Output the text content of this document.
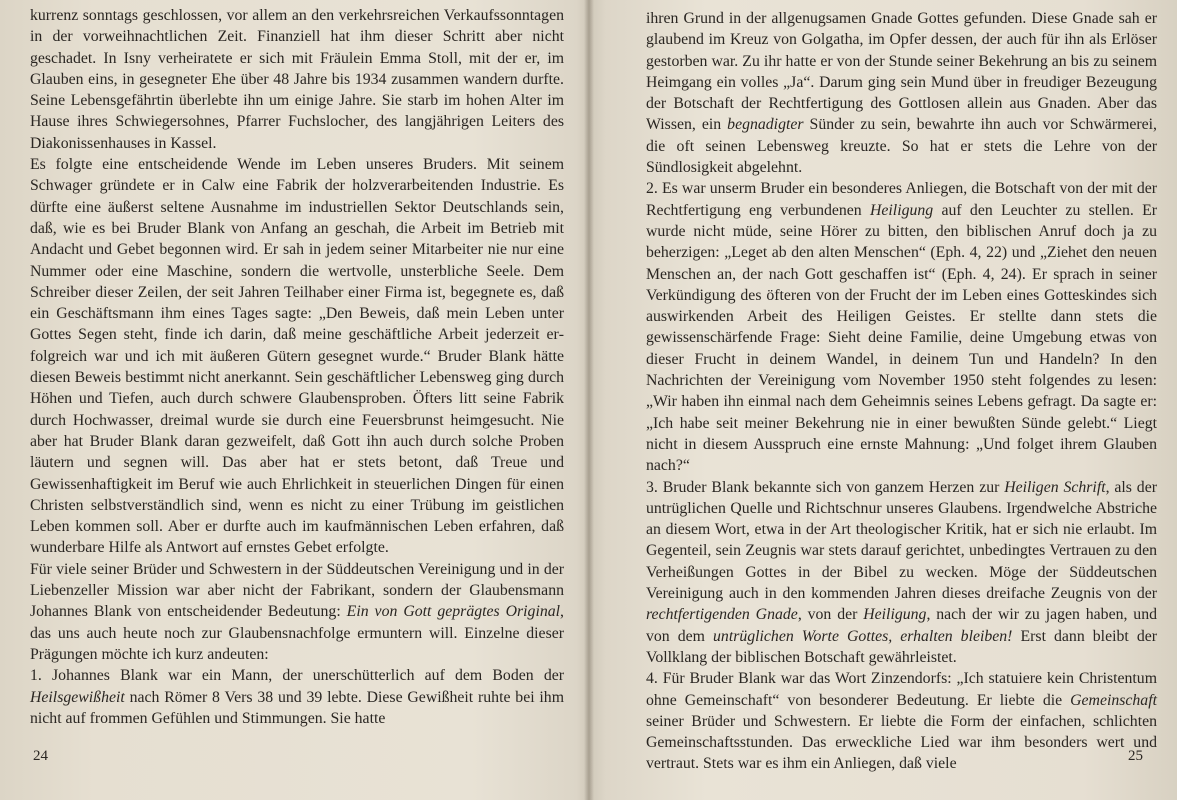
kurrenz sonntags geschlossen, vor allem an den verkehrsreichen Verkaufssonntagen in der vorweihnachtlichen Zeit. Finanziell hat ihm dieser Schritt aber nicht geschadet. In Isny verheiratete er sich mit Fräulein Emma Stoll, mit der er, im Glauben eins, in gesegneter Ehe über 48 Jahre bis 1934 zusammen wandern durfte. Seine Lebensgefährtin überlebte ihn um einige Jahre. Sie starb im hohen Alter im Hause ihres Schwiegersohnes, Pfarrer Fuchslocher, des langjährigen Leiters des Diakonissenhauses in Kassel.

Es folgte eine entscheidende Wende im Leben unseres Bruders. Mit seinem Schwager gründete er in Calw eine Fabrik der holzverarbeitenden Industrie. Es dürfte eine äußerst seltene Ausnahme im industriellen Sektor Deutschlands sein, daß, wie es bei Bruder Blank von Anfang an geschah, die Arbeit im Betrieb mit Andacht und Gebet begonnen wird. Er sah in jedem seiner Mitarbeiter nie nur eine Nummer oder eine Maschine, sondern die wertvolle, unsterbliche Seele. Dem Schreiber dieser Zeilen, der seit Jahren Teilhaber einer Firma ist, begegnete es, daß ein Geschäftsmann ihm eines Tages sagte: „Den Beweis, daß mein Leben unter Gottes Segen steht, finde ich darin, daß meine geschäftliche Arbeit jederzeit erfolgreich war und ich mit äußeren Gütern gesegnet wurde.“ Bruder Blank hätte diesen Beweis bestimmt nicht anerkannt. Sein geschäftlicher Lebensweg ging durch Höhen und Tiefen, auch durch schwere Glaubensproben. Öfters litt seine Fabrik durch Hochwasser, dreimal wurde sie durch eine Feuersbrunst heimgesucht. Nie aber hat Bruder Blank daran gezweifelt, daß Gott ihn auch durch solche Proben läutern und segnen will. Das aber hat er stets betont, daß Treue und Gewissenhaftigkeit im Beruf wie auch Ehrlichkeit in steuerlichen Dingen für einen Christen selbstverständlich sind, wenn es nicht zu einer Trübung im geistlichen Leben kommen soll. Aber er durfte auch im kaufmännischen Leben erfahren, daß wunderbare Hilfe als Antwort auf ernstes Gebet erfolgte.

Für viele seiner Brüder und Schwestern in der Süddeutschen Vereinigung und in der Liebenzeller Mission war aber nicht der Fabrikant, sondern der Glaubensmann Johannes Blank von entscheidender Bedeutung: Ein von Gott geprägtes Original, das uns auch heute noch zur Glaubensnachfolge ermuntern will. Einzelne dieser Prägungen möchte ich kurz andeuten:

1. Johannes Blank war ein Mann, der unerschütterlich auf dem Boden der Heilsgewißheit nach Römer 8 Vers 38 und 39 lebte. Diese Gewißheit ruhte bei ihm nicht auf frommen Gefühlen und Stimmungen. Sie hatte

24

ihren Grund in der allgenugsamen Gnade Gottes gefunden. Diese Gnade sah er glaubend im Kreuz von Golgatha, im Opfer dessen, der auch für ihn als Erlöser gestorben war. Zu ihr hatte er von der Stunde seiner Bekehrung an bis zu seinem Heimgang ein volles „Ja“. Darum ging sein Mund über in freudiger Bezeugung der Botschaft der Rechtfertigung des Gottlosen allein aus Gnaden. Aber das Wissen, ein begnadigter Sünder zu sein, bewahrte ihn auch vor Schwärmerei, die oft seinen Lebensweg kreuzte. So hat er stets die Lehre von der Sündlosigkeit abgelehnt.

2. Es war unserm Bruder ein besonderes Anliegen, die Botschaft von der mit der Rechtfertigung eng verbundenen Heiligung auf den Leuchter zu stellen. Er wurde nicht müde, seine Hörer zu bitten, den biblischen Anruf doch ja zu beherzigen: „Leget ab den alten Menschen“ (Eph. 4, 22) und „Ziehet den neuen Menschen an, der nach Gott geschaffen ist“ (Eph. 4, 24). Er sprach in seiner Verkündigung des öfteren von der Frucht der im Leben eines Gotteskindes sich auswirkenden Arbeit des Heiligen Geistes. Er stellte dann stets die gewissenschärfende Frage: Sieht deine Familie, deine Umgebung etwas von dieser Frucht in deinem Wandel, in deinem Tun und Handeln? In den Nachrichten der Vereinigung vom November 1950 steht folgendes zu lesen: „Wir haben ihn einmal nach dem Geheimnis seines Lebens gefragt. Da sagte er: „Ich habe seit meiner Bekehrung nie in einer bewußten Sünde gelebt.“ Liegt nicht in diesem Ausspruch eine ernste Mahnung: „Und folget ihrem Glauben nach?“

3. Bruder Blank bekannte sich von ganzem Herzen zur Heiligen Schrift, als der untrüglichen Quelle und Richtschnur unseres Glaubens. Irgendwelche Abstriche an diesem Wort, etwa in der Art theologischer Kritik, hat er sich nie erlaubt. Im Gegenteil, sein Zeugnis war stets darauf gerichtet, unbedingtes Vertrauen zu den Verheißungen Gottes in der Bibel zu wecken. Möge der Süddeutschen Vereinigung auch in den kommenden Jahren dieses dreifache Zeugnis von der rechtfertigenden Gnade, von der Heiligung, nach der wir zu jagen haben, und von dem untrüglichen Worte Gottes, erhalten bleiben! Erst dann bleibt der Vollklang der biblischen Botschaft gewährleistet.

4. Für Bruder Blank war das Wort Zinzendorfs: „Ich statuiere kein Christentum ohne Gemeinschaft“ von besonderer Bedeutung. Er liebte die Gemeinschaft seiner Brüder und Schwestern. Er liebte die Form der einfachen, schlichten Gemeinschaftsstunden. Das erweckliche Lied war ihm besonders wert und vertraut. Stets war es ihm ein Anliegen, daß viele	25
